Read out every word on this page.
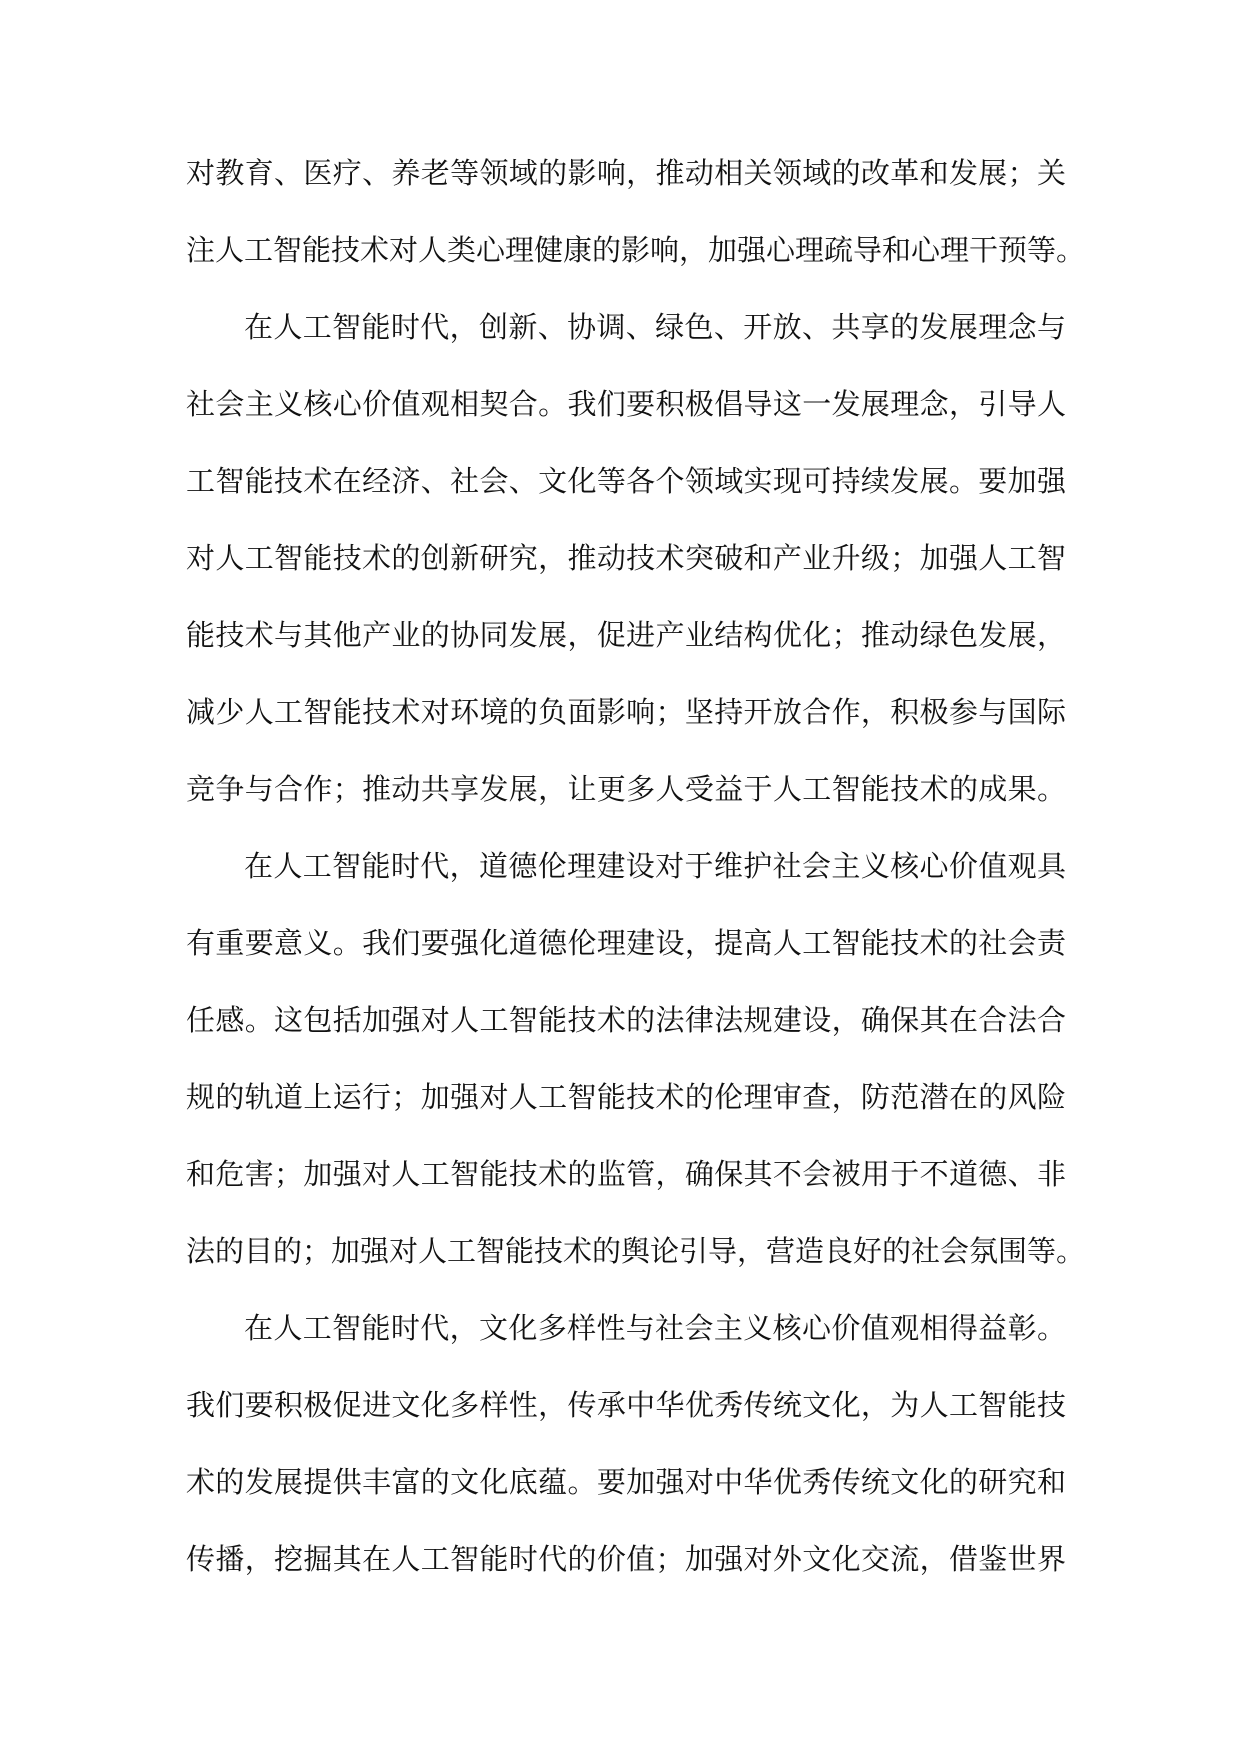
对教育、医疗、养老等领域的影响，推动相关领域的改革和发展；关
注人工智能技术对人类心理健康的影响，加强心理疏导和心理干预等。
在人工智能时代，创新、协调、绿色、开放、共享的发展理念与
社会主义核心价值观相契合。我们要积极倡导这一发展理念，引导人
工智能技术在经济、社会、文化等各个领域实现可持续发展。要加强
对人工智能技术的创新研究，推动技术突破和产业升级；加强人工智
能技术与其他产业的协同发展，促进产业结构优化；推动绿色发展，
减少人工智能技术对环境的负面影响；坚持开放合作，积极参与国际
竞争与合作；推动共享发展，让更多人受益于人工智能技术的成果。
在人工智能时代，道德伦理建设对于维护社会主义核心价值观具
有重要意义。我们要强化道德伦理建设，提高人工智能技术的社会责
任感。这包括加强对人工智能技术的法律法规建设，确保其在合法合
规的轨道上运行；加强对人工智能技术的伦理审查，防范潜在的风险
和危害；加强对人工智能技术的监管，确保其不会被用于不道德、非
法的目的；加强对人工智能技术的舆论引导，营造良好的社会氛围等。
在人工智能时代，文化多样性与社会主义核心价值观相得益彰。
我们要积极促进文化多样性，传承中华优秀传统文化，为人工智能技
术的发展提供丰富的文化底蕴。要加强对中华优秀传统文化的研究和
传播，挖掘其在人工智能时代的价值；加强对外文化交流，借鉴世界
